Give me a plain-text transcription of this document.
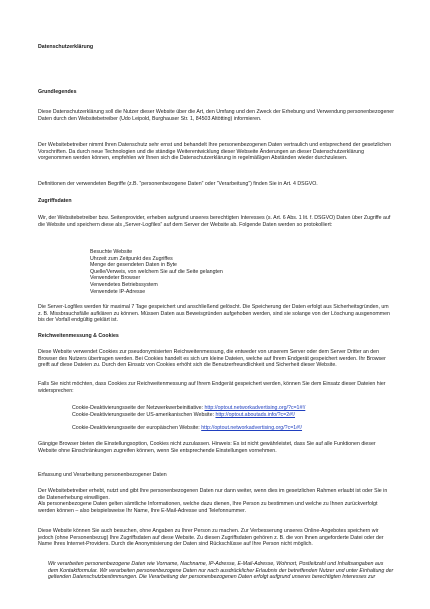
Datenschutzerklärung

Grundlegendes

Diese Datenschutzerklärung soll die Nutzer dieser Website über die Art, den Umfang und den Zweck der Erhebung und Verwendung personenbezogener Daten durch den Websitebetreiber (Udo Leipold, Burghauser Str. 1, 84503 Altötting) informieren.

Der Websitebetreiber nimmt Ihren Datenschutz sehr ernst und behandelt Ihre personenbezogenen Daten vertraulich und entsprechend der gesetzlichen Vorschriften. Da durch neue Technologien und die ständige Weiterentwicklung dieser Webseite Änderungen an dieser Datenschutzerklärung vorgenommen werden können, empfehlen wir Ihnen sich die Datenschutzerklärung in regelmäßigen Abständen wieder durchzulesen.

Definitionen der verwendeten Begriffe (z.B. “personenbezogene Daten” oder “Verarbeitung”) finden Sie in Art. 4 DSGVO.

Zugriffsdaten

Wir, der Websitebetreiber bzw. Seitenprovider, erheben aufgrund unseres berechtigten Interesses (s. Art. 6 Abs. 1 lit. f. DSGVO) Daten über Zugriffe auf die Website und speichern diese als „Server-Logfiles“ auf dem Server der Website ab. Folgende Daten werden so protokolliert:

Besuchte Website
Uhrzeit zum Zeitpunkt des Zugriffes
Menge der gesendeten Daten in Byte
Quelle/Verweis, von welchem Sie auf die Seite gelangten
Verwendeter Browser
Verwendetes Betriebssystem
Verwendete IP-Adresse

Die Server-Logfiles werden für maximal 7 Tage gespeichert und anschließend gelöscht. Die Speicherung der Daten erfolgt aus Sicherheitsgründen, um z. B. Missbrauchsfälle aufklären zu können. Müssen Daten aus Beweisgründen aufgehoben werden, sind sie solange von der Löschung ausgenommen bis der Vorfall endgültig geklärt ist.

Reichweitenmessung & Cookies

Diese Website verwendet Cookies zur pseudonymisierten Reichweitenmessung, die entweder von unserem Server oder dem Server Dritter an den Browser des Nutzers übertragen werden. Bei Cookies handelt es sich um kleine Dateien, welche auf Ihrem Endgerät gespeichert werden. Ihr Browser greift auf diese Dateien zu. Durch den Einsatz von Cookies erhöht sich die Benutzerfreundlichkeit und Sicherheit dieser Website.

Falls Sie nicht möchten, dass Cookies zur Reichweitenmessung auf Ihrem Endgerät gespeichert werden, können Sie dem Einsatz dieser Dateien hier widersprechen:

Cookie-Deaktivierungsseite der Netzwerkwerbeinitiative: http://optout.networkadvertising.org/?c=1#!/

Cookie-Deaktivierungsseite der US-amerikanischen Website: http://optout.aboutads.info/?c=2#!/

Cookie-Deaktivierungsseite der europäischen Website: http://optout.networkadvertising.org/?c=1#!/

Gängige Browser bieten die Einstellungsoption, Cookies nicht zuzulassen. Hinweis: Es ist nicht gewährleistet, dass Sie auf alle Funktionen dieser Website ohne Einschränkungen zugreifen können, wenn Sie entsprechende Einstellungen vornehmen.

Erfassung und Verarbeitung personenbezogener Daten

Der Websitebetreiber erhebt, nutzt und gibt Ihre personenbezogenen Daten nur dann weiter, wenn dies im gesetzlichen Rahmen erlaubt ist oder Sie in die Datenerhebung einwilligen.

Als personenbezogene Daten gelten sämtliche Informationen, welche dazu dienen, Ihre Person zu bestimmen und welche zu Ihnen zurückverfolgt werden können – also beispielsweise Ihr Name, Ihre E-Mail-Adresse und Telefonnummer.

Diese Website können Sie auch besuchen, ohne Angaben zu Ihrer Person zu machen. Zur Verbesserung unseres Online-Angebotes speichern wir jedoch (ohne Personenbezug) Ihre Zugriffsdaten auf diese Website. Zu diesen Zugriffsdaten gehören z. B. die von Ihnen angeforderte Datei oder der Name Ihres Internet-Providers. Durch die Anonymisierung der Daten sind Rückschlüsse auf Ihre Person nicht möglich.

Wir verarbeiten personenbezogene Daten wie Vorname, Nachname, IP-Adresse, E-Mail-Adresse, Wohnort, Postleitzahl und Inhaltsangaben aus dem Kontaktformular. Wir verarbeiten personenbezogene Daten nur nach ausdrücklicher Erlaubnis der betreffenden Nutzer und unter Einhaltung der geltenden Datenschutzbestimmungen. Die Verarbeitung der personenbezogenen Daten erfolgt aufgrund unseres berechtigten Interesses zur
